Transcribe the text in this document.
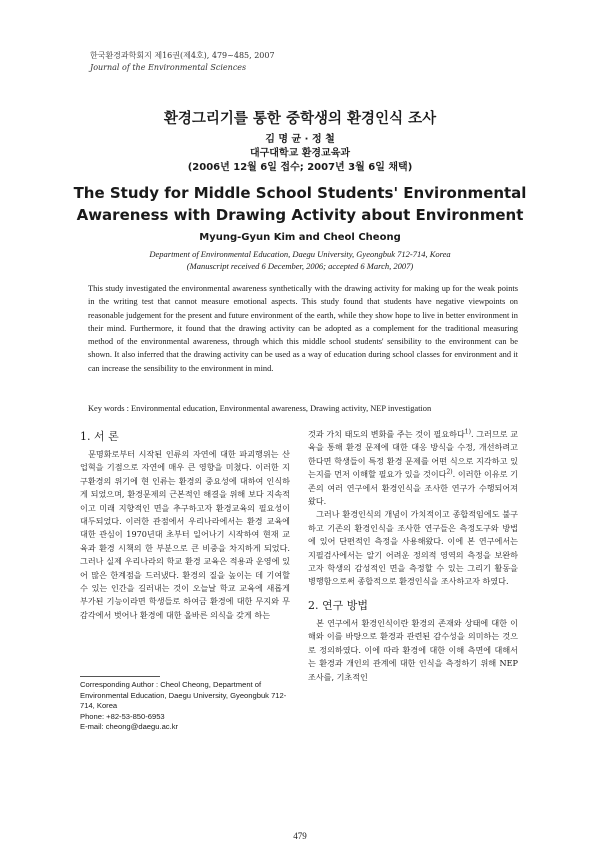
한국환경과학회지 제16권(제4호), 479~485, 2007
Journal of the Environmental Sciences
환경그리기를 통한 중학생의 환경인식 조사
김 명 균 · 정 철
대구대학교 환경교육과
(2006년 12월 6일 접수; 2007년 3월 6일 채택)
The Study for Middle School Students' Environmental
Awareness with Drawing Activity about Environment
Myung-Gyun Kim and Cheol Cheong
Department of Environmental Education, Daegu University, Gyeongbuk 712-714, Korea
(Manuscript received 6 December, 2006; accepted 6 March, 2007)
This study investigated the environmental awareness synthetically with the drawing activity for making up for the weak points in the writing test that cannot measure emotional aspects. This study found that students have negative viewpoints on reasonable judgement for the present and future environment of the earth, while they show hope to live in better environment in their mind. Furthermore, it found that the drawing activity can be adopted as a complement for the traditional measuring method of the environmental awareness, through which this middle school students' sensibility to the environment can be shown. It also inferred that the drawing activity can be used as a way of education during school classes for environment and it can increase the sensibility to the environment in mind.
Key words : Environmental education, Environmental awareness, Drawing activity, NEP investigation
1. 서 론

문명화로부터 시작된 인류의 자연에 대한 파괴행위는 산업혁을 기점으로 자연에 매우 큰 영향을 미쳤다. 이러한 지구환경의 위기에 현 인류는 환경의 중요성에 대하여 인식하게 되었으며, 환경문제의 근본적인 해결을 위해 보다 지속적이고 미래 지향적인 면을 추구하고자 환경교육의 필요성이 대두되었다. 이러한 관점에서 우리나라에서는 환경 교육에 대한 관심이 1970년대 초부터 일어나기 시작하여 현재 교육과 환경 시책의 한 부분으로 큰 비중을 차지하게 되었다. 그러나 실제 우리나라의 학교 환경 교육은 적용과 운영에 있어 많은 한계점을 드러냈다. 환경의 질을 높이는 데 기여할 수 있는 인간을 길러내는 것이 오늘날 학교 교육에 새롭게 부가된 기능이라면 학생들로 하여금 환경에 대한 무지와 무감각에서 벗어나 환경에 대한 올바른 의식을 갖게 하는

것과 가치 태도의 변화를 주는 것이 필요하다$^{1)}$. 그러므로 교육을 통해 환경 문제에 대한 대응 방식을 수정, 개선하려고 한다면 학생들이 특정 환경 문제를 어떤 식으로 지각하고 있는지를 먼저 이해할 필요가 있을 것이다$^{2)}$. 이러한 이유로 기존의 여러 연구에서 환경인식을 조사한 연구가 수행되어져왔다.

그러나 환경인식의 개념이 가치적이고 종합적임에도 불구하고 기존의 환경인식을 조사한 연구들은 측정도구와 방법에 있어 단편적인 측정을 사용해왔다. 이에 본 연구에서는 지필검사에서는 알기 어려운 정의적 영역의 측정을 보완하고자 학생의 감성적인 면을 측정할 수 있는 그리기 활동을 병행함으로써 종합적으로 환경인식을 조사하고자 하였다.

2. 연구 방법

본 연구에서 환경인식이란 환경의 존재와 상태에 대한 이해와 이를 바탕으로 환경과 관련된 감수성을 의미하는 것으로 정의하였다. 이에 따라 환경에 대한 이해 측면에 대해서는 환경과 개인의 관계에 대한 인식을 측정하기 위해 NEP 조사를, 기초적인

Corresponding Author : Cheol Cheong, Department of Environmental Education, Daegu University, Gyeongbuk 712-714, Korea
Phone: +82-53-850-6953
E-mail: cheong@daegu.ac.kr
479
